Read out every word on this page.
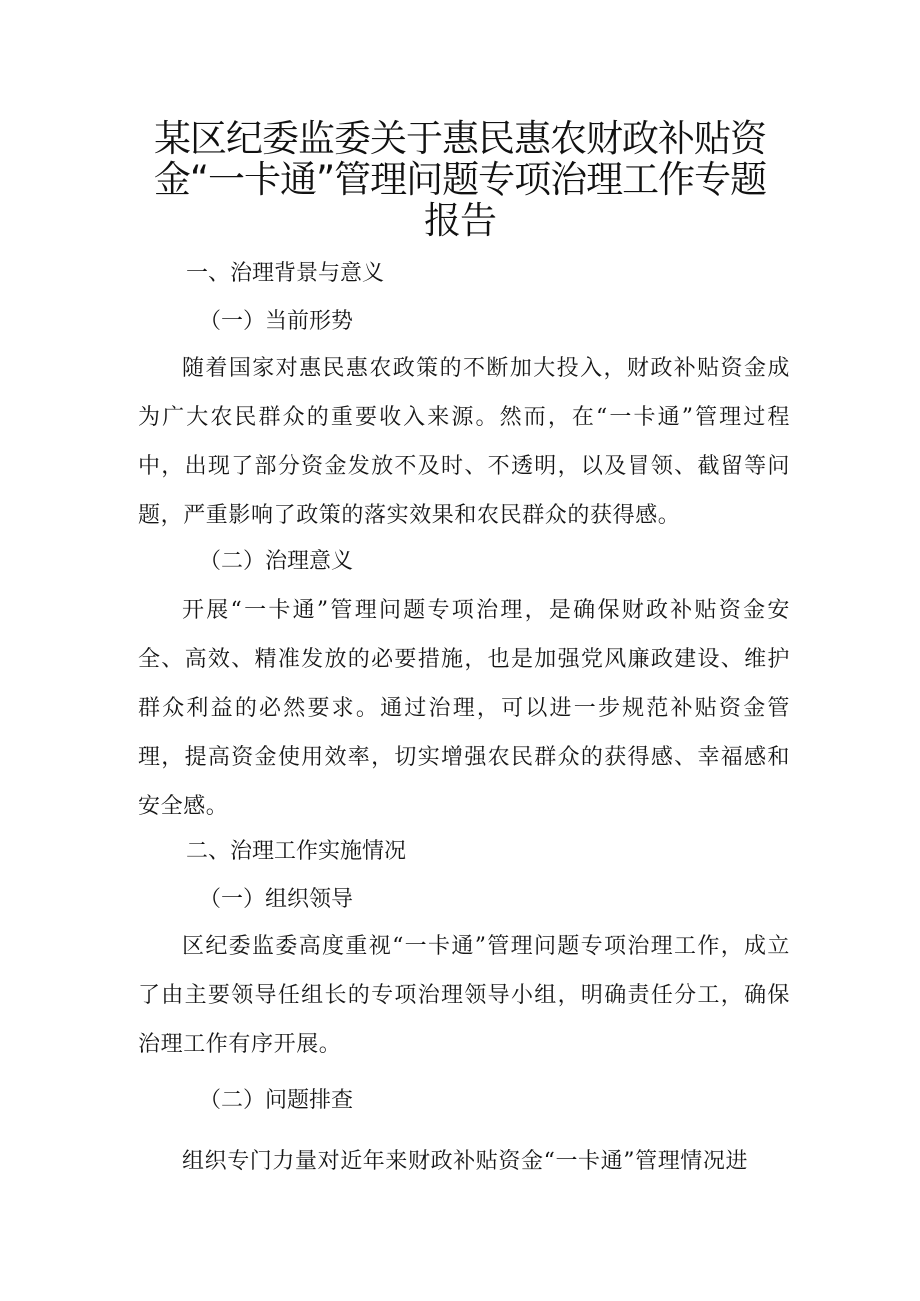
某区纪委监委关于惠民惠农财政补贴资金“一卡通”管理问题专项治理工作专题报告

一、治理背景与意义

（一）当前形势

随着国家对惠民惠农政策的不断加大投入，财政补贴资金成为广大农民群众的重要收入来源。然而，在“一卡通”管理过程中，出现了部分资金发放不及时、不透明，以及冒领、截留等问题，严重影响了政策的落实效果和农民群众的获得感。

（二）治理意义

开展“一卡通”管理问题专项治理，是确保财政补贴资金安全、高效、精准发放的必要措施，也是加强党风廉政建设、维护群众利益的必然要求。通过治理，可以进一步规范补贴资金管理，提高资金使用效率，切实增强农民群众的获得感、幸福感和安全感。

二、治理工作实施情况

（一）组织领导

区纪委监委高度重视“一卡通”管理问题专项治理工作，成立了由主要领导任组长的专项治理领导小组，明确责任分工，确保治理工作有序开展。

（二）问题排查

组织专门力量对近年来财政补贴资金“一卡通”管理情况进
